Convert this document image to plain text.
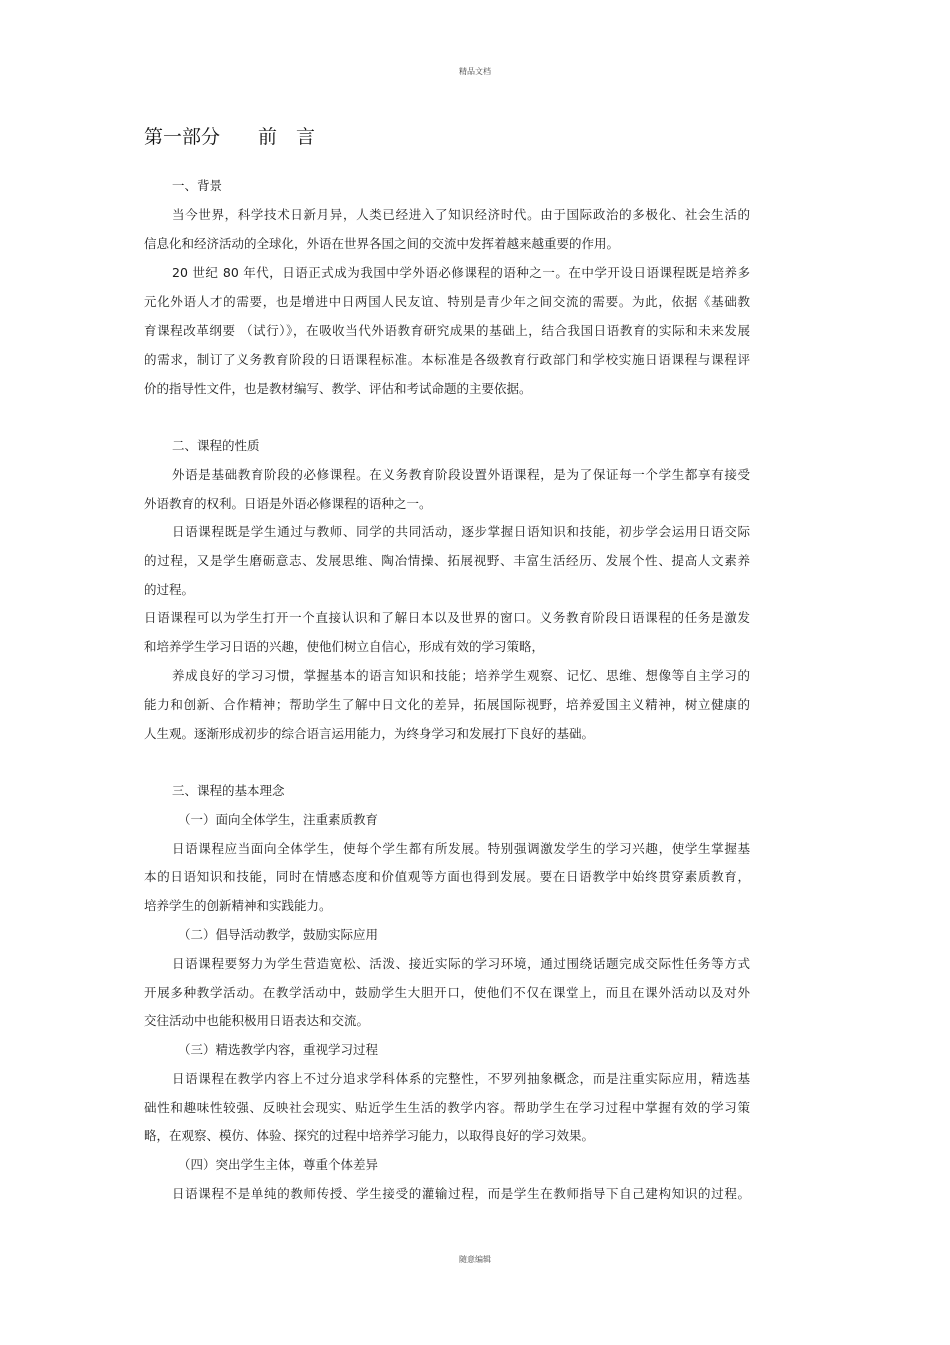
精品文档
第一部分　　前　言
一、背景
当今世界，科学技术日新月异，人类已经进入了知识经济时代。由于国际政治的多极化、社会生活的
信息化和经济活动的全球化，外语在世界各国之间的交流中发挥着越来越重要的作用。
20 世纪 80 年代，日语正式成为我国中学外语必修课程的语种之一。在中学开设日语课程既是培养多
元化外语人才的需要，也是增进中日两国人民友谊、特别是青少年之间交流的需要。为此，依据《基础教
育课程改革纲要 （试行）》，在吸收当代外语教育研究成果的基础上，结合我国日语教育的实际和未来发展
的需求，制订了义务教育阶段的日语课程标准。本标准是各级教育行政部门和学校实施日语课程与课程评
价的指导性文件，也是教材编写、教学、评估和考试命题的主要依据。
二、课程的性质
外语是基础教育阶段的必修课程。在义务教育阶段设置外语课程，是为了保证每一个学生都享有接受
外语教育的权利。日语是外语必修课程的语种之一。
日语课程既是学生通过与教师、同学的共同活动，逐步掌握日语知识和技能，初步学会运用日语交际
的过程，又是学生磨砺意志、发展思维、陶冶情操、拓展视野、丰富生活经历、发展个性、提高人文素养
的过程。
日语课程可以为学生打开一个直接认识和了解日本以及世界的窗口。义务教育阶段日语课程的任务是激发
和培养学生学习日语的兴趣，使他们树立自信心，形成有效的学习策略，
养成良好的学习习惯，掌握基本的语言知识和技能；培养学生观察、记忆、思维、想像等自主学习的
能力和创新、合作精神；帮助学生了解中日文化的差异，拓展国际视野，培养爱国主义精神，树立健康的
人生观。逐渐形成初步的综合语言运用能力，为终身学习和发展打下良好的基础。
三、课程的基本理念
（一）面向全体学生，注重素质教育
日语课程应当面向全体学生，使每个学生都有所发展。特别强调激发学生的学习兴趣，使学生掌握基
本的日语知识和技能，同时在情感态度和价值观等方面也得到发展。要在日语教学中始终贯穿素质教育，
培养学生的创新精神和实践能力。
（二）倡导活动教学，鼓励实际应用
日语课程要努力为学生营造宽松、活泼、接近实际的学习环境，通过围绕话题完成交际性任务等方式
开展多种教学活动。在教学活动中，鼓励学生大胆开口，使他们不仅在课堂上，而且在课外活动以及对外
交往活动中也能积极用日语表达和交流。
（三）精选教学内容，重视学习过程
日语课程在教学内容上不过分追求学科体系的完整性，不罗列抽象概念，而是注重实际应用，精选基
础性和趣味性较强、反映社会现实、贴近学生生活的教学内容。帮助学生在学习过程中掌握有效的学习策
略，在观察、模仿、体验、探究的过程中培养学习能力，以取得良好的学习效果。
（四）突出学生主体，尊重个体差异
日语课程不是单纯的教师传授、学生接受的灌输过程，而是学生在教师指导下自己建构知识的过程。
随意编辑
